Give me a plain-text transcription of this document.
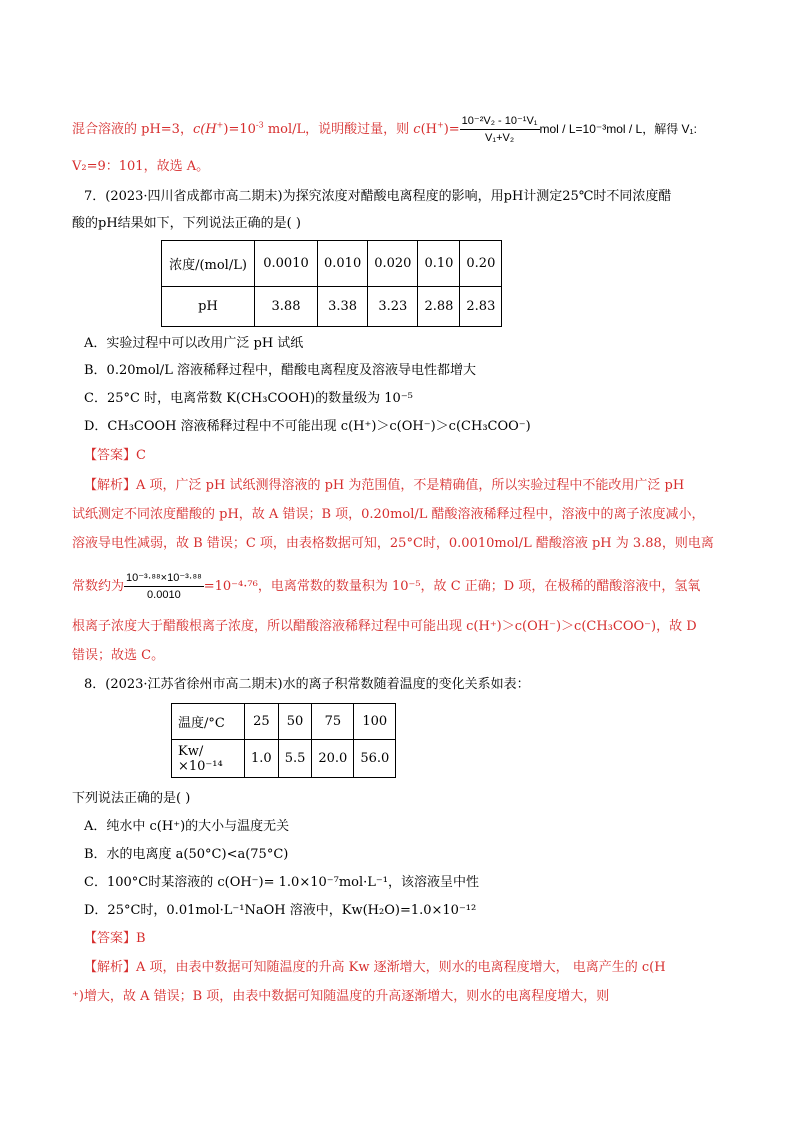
混合溶液的 pH=3，$c(H^+)=10^{-3}$ mol/L，说明酸过量，则 $c(H^+)= \frac{\text{10⁻²V₂ - 10⁻¹V₁}}{\text{V₁+V₂}}$ mol / L=10⁻³mol / L，解得 V₁:
V₂=9：101，故选 A。
7．(2023·四川省成都市高二期末)为探究浓度对醋酸电离程度的影响，用pH计测定25℃时不同浓度醋
酸的pH结果如下，下列说法正确的是( )
浓度/(mol/L)	0.0010	0.010	0.020	0.10	0.20
pH	3.88	3.38	3.23	2.88	2.83
A．实验过程中可以改用广泛 pH 试纸
B．0.20mol/L 溶液稀释过程中，醋酸电离程度及溶液导电性都增大
C．25°C 时，电离常数 K(CH₃COOH)的数量级为 10⁻⁵
D．CH₃COOH 溶液稀释过程中不可能出现 c(H⁺)＞c(OH⁻)＞c(CH₃COO⁻)
【答案】C
【解析】A 项，广泛 pH 试纸测得溶液的 pH 为范围值，不是精确值，所以实验过程中不能改用广泛 pH
试纸测定不同浓度醋酸的 pH，故 A 错误；B 项，0.20mol/L 醋酸溶液稀释过程中，溶液中的离子浓度减小，
溶液导电性减弱，故 B 错误；C 项，由表格数据可知，25°C时，0.0010mol/L 醋酸溶液 pH 为 3.88，则电离
常数约为 $\frac{\text{10⁻³·⁸⁸×10⁻³·⁸⁸}}{0.0010} =10^{-4}\cdot^{76}$，电离常数的数量积为 10⁻⁵，故 C 正确；D 项，在极稀的醋酸溶液中，氢氧
根离子浓度大于醋酸根离子浓度，所以醋酸溶液稀释过程中可能出现 c(H⁺)＞c(OH⁻)＞c(CH₃COO⁻)，故 D
错误；故选 C。
8．(2023·江苏省徐州市高二期末)水的离子积常数随着温度的变化关系如表：
温度/°C	25	50	75	100
Kw/×10⁻¹⁴	1.0	5.5	20.0	56.0
下列说法正确的是( )
A．纯水中 c(H⁺)的大小与温度无关
B．水的电离度 a(50°C)<a(75°C)
C．100°C时某溶液的 c(OH⁻)= 1.0×10⁻⁷mol·L⁻¹，该溶液呈中性
D．25°C时，0.01mol·L⁻¹NaOH 溶液中，Kw(H₂O)=1.0×10⁻¹²
【答案】B
【解析】A 项，由表中数据可知随温度的升高 Kw 逐渐增大，则水的电离程度增大， 电离产生的 c(H
⁺)增大，故 A 错误；B 项，由表中数据可知随温度的升高逐渐增大，则水的电离程度增大，则
